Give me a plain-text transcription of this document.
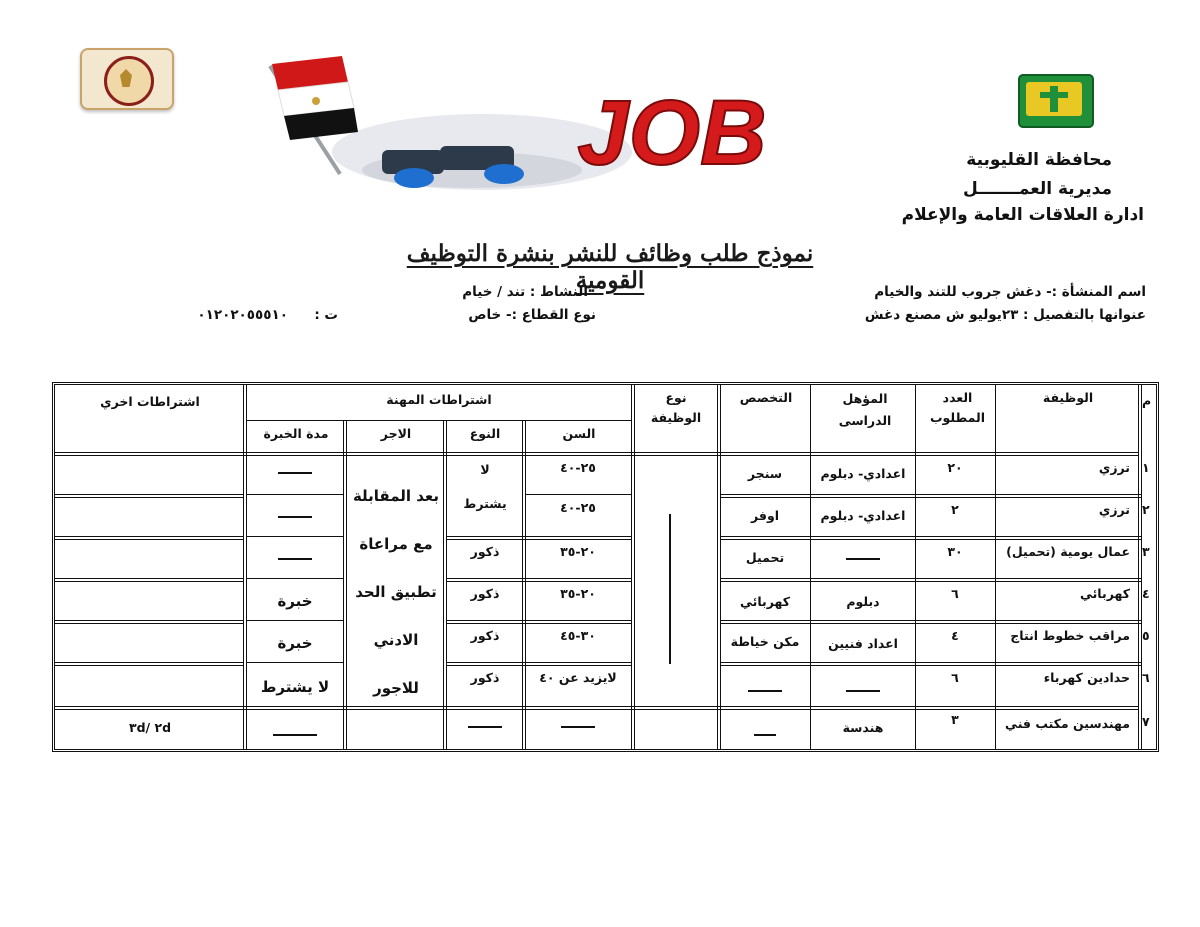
JOB	محافظة القليوبية
مديرية العمـــــــل
ادارة العلاقات العامة والإعلام
نموذج طلب وظائف للنشر بنشرة التوظيف القومية	اسم المنشأة :- دغش جروب للتند والخيام
النشاط : تند / خيام
عنوانها بالتفصيل : ٢٣يوليو ش مصنع دغش
نوع القطاع :- خاص
ت :
٠١٢٠٢٠٥٥٥١٠
م
الوظيفة
العدد المطلوب
المؤهل الدراسى
التخصص
نوع الوظيفة
اشتراطات المهنة
اشتراطات اخري
السن
النوع
الاجر
مدة الخبرة
١
ترزي
٢٠
اعدادي- دبلوم
سنجر
٢٥-٤٠
٢
ترزي
٢
اعدادي- دبلوم
اوفر
٢٥-٤٠
لا
يشترط
٣
عمال يومية (تحميل)
٣٠
تحميل
٢٠-٣٥
ذكور
٤
كهربائي
٦
دبلوم
كهربائي
٢٠-٣٥
ذكور
خبرة
٥
مراقب خطوط انتاج
٤
اعداد فنيين
مكن خياطة
٣٠-٤٥
ذكور
خبرة
٦
حدادين كهرباء
٦
لايزيد عن ٤٠
ذكور
لا يشترط
٧
مهندسين مكتب فني
٣
هندسة
٢d /٣d
بعد المقابلة
مع مراعاة
تطبيق الحد
الادني
للاجور
